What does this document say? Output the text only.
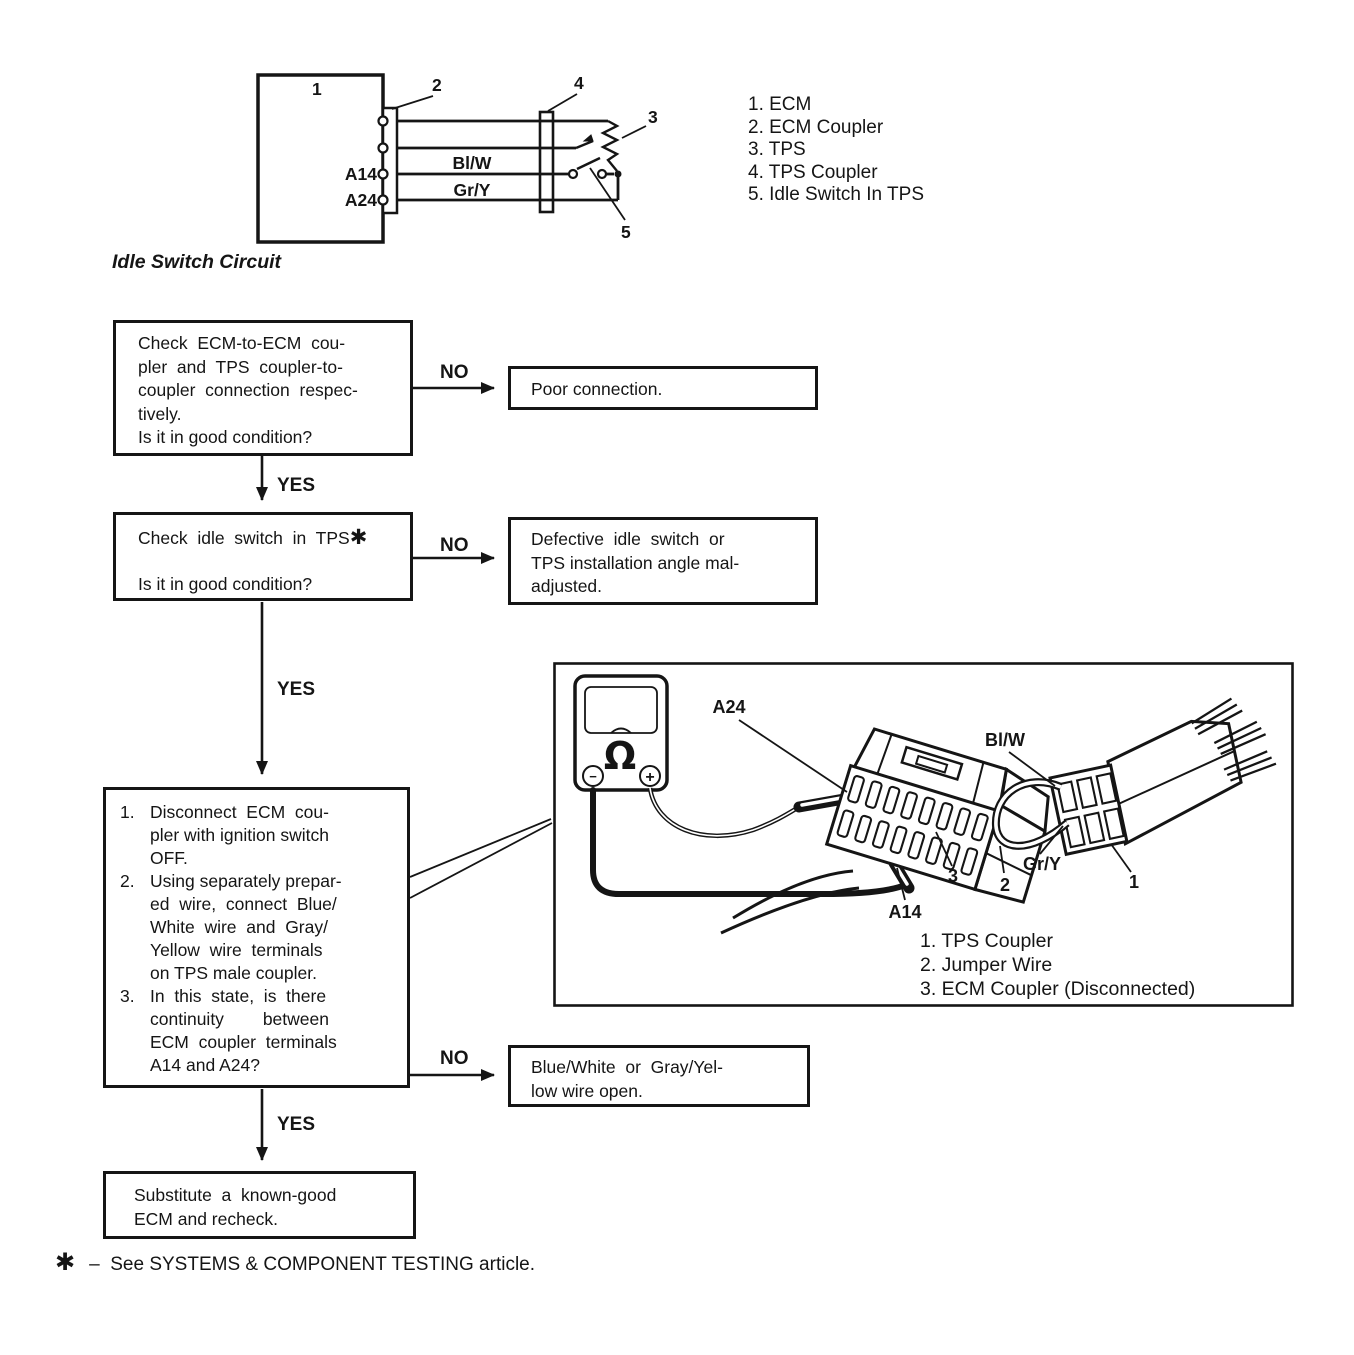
1	2	4
3
5
A14
A24
Bl/W
Gr/Y
1. ECM
2. ECM Coupler
3. TPS
4. TPS Coupler
5. Idle Switch In TPS
Idle Switch Circuit
Check  ECM-to-ECM  cou-
pler  and  TPS  coupler-to-
coupler  connection  respec-
tively.
Is it in good condition?
Poor connection.
Check  idle  switch  in  TPS✱
Is it in good condition?
Defective  idle  switch  or
TPS installation angle mal-
adjusted.
1. Disconnect  ECM  cou-
pler with ignition switch
OFF.
2. Using separately prepar-
ed  wire,  connect  Blue/
White  wire  and  Gray/
Yellow  wire  terminals
on TPS male coupler.
3. In  this  state,  is  there
continuity        between
ECM  coupler  terminals
A14 and A24?	Blue/White  or  Gray/Yel-
low wire open.
Substitute  a  known-good
ECM and recheck.
Ω
−	+
A24
A14
Bl/W
Gr/Y
3 2	1
1. TPS Coupler
2. Jumper Wire
3. ECM Coupler (Disconnected)
NO
YES
NO
YES
NO
YES
✱ –  See SYSTEMS & COMPONENT TESTING article.
